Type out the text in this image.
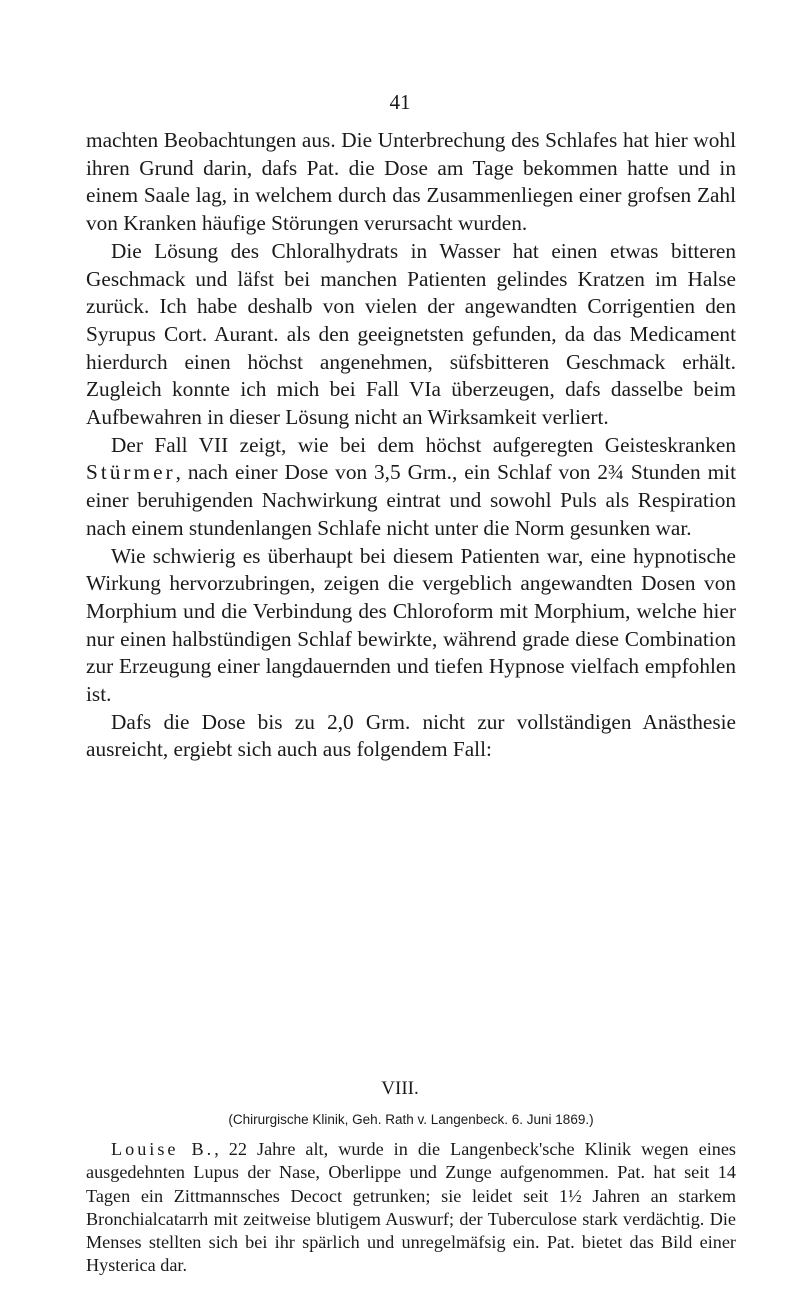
41

machten Beobachtungen aus. Die Unterbrechung des Schlafes hat hier wohl ihren Grund darin, dafs Pat. die Dose am Tage bekommen hatte und in einem Saale lag, in welchem durch das Zusammenliegen einer grofsen Zahl von Kranken häufige Störungen verursacht wurden.

Die Lösung des Chloralhydrats in Wasser hat einen etwas bitteren Geschmack und läfst bei manchen Patienten gelindes Kratzen im Halse zurück. Ich habe deshalb von vielen der angewandten Corrigentien den Syrupus Cort. Aurant. als den geeignetsten gefunden, da das Medicament hierdurch einen höchst angenehmen, süfsbitteren Geschmack erhält. Zugleich konnte ich mich bei Fall VIa überzeugen, dafs dasselbe beim Aufbewahren in dieser Lösung nicht an Wirksamkeit verliert.

Der Fall VII zeigt, wie bei dem höchst aufgeregten Geisteskranken Stürmer, nach einer Dose von 3,5 Grm., ein Schlaf von 2¾ Stunden mit einer beruhigenden Nachwirkung eintrat und sowohl Puls als Respiration nach einem stundenlangen Schlafe nicht unter die Norm gesunken war.

Wie schwierig es überhaupt bei diesem Patienten war, eine hypnotische Wirkung hervorzubringen, zeigen die vergeblich angewandten Dosen von Morphium und die Verbindung des Chloroform mit Morphium, welche hier nur einen halbstündigen Schlaf bewirkte, während grade diese Combination zur Erzeugung einer langdauernden und tiefen Hypnose vielfach empfohlen ist.

Dafs die Dose bis zu 2,0 Grm. nicht zur vollständigen Anästhesie ausreicht, ergiebt sich auch aus folgendem Fall:

VIII.
(Chirurgische Klinik, Geh. Rath v. Langenbeck. 6. Juni 1869.)

Louise B., 22 Jahre alt, wurde in die Langenbeck'sche Klinik wegen eines ausgedehnten Lupus der Nase, Oberlippe und Zunge aufgenommen. Pat. hat seit 14 Tagen ein Zittmannsches Decoct getrunken; sie leidet seit 1½ Jahren an starkem Bronchialcatarrh mit zeitweise blutigem Auswurf; der Tuberculose stark verdächtig. Die Menses stellten sich bei ihr spärlich und unregelmäfsig ein. Pat. bietet das Bild einer Hysterica dar.
